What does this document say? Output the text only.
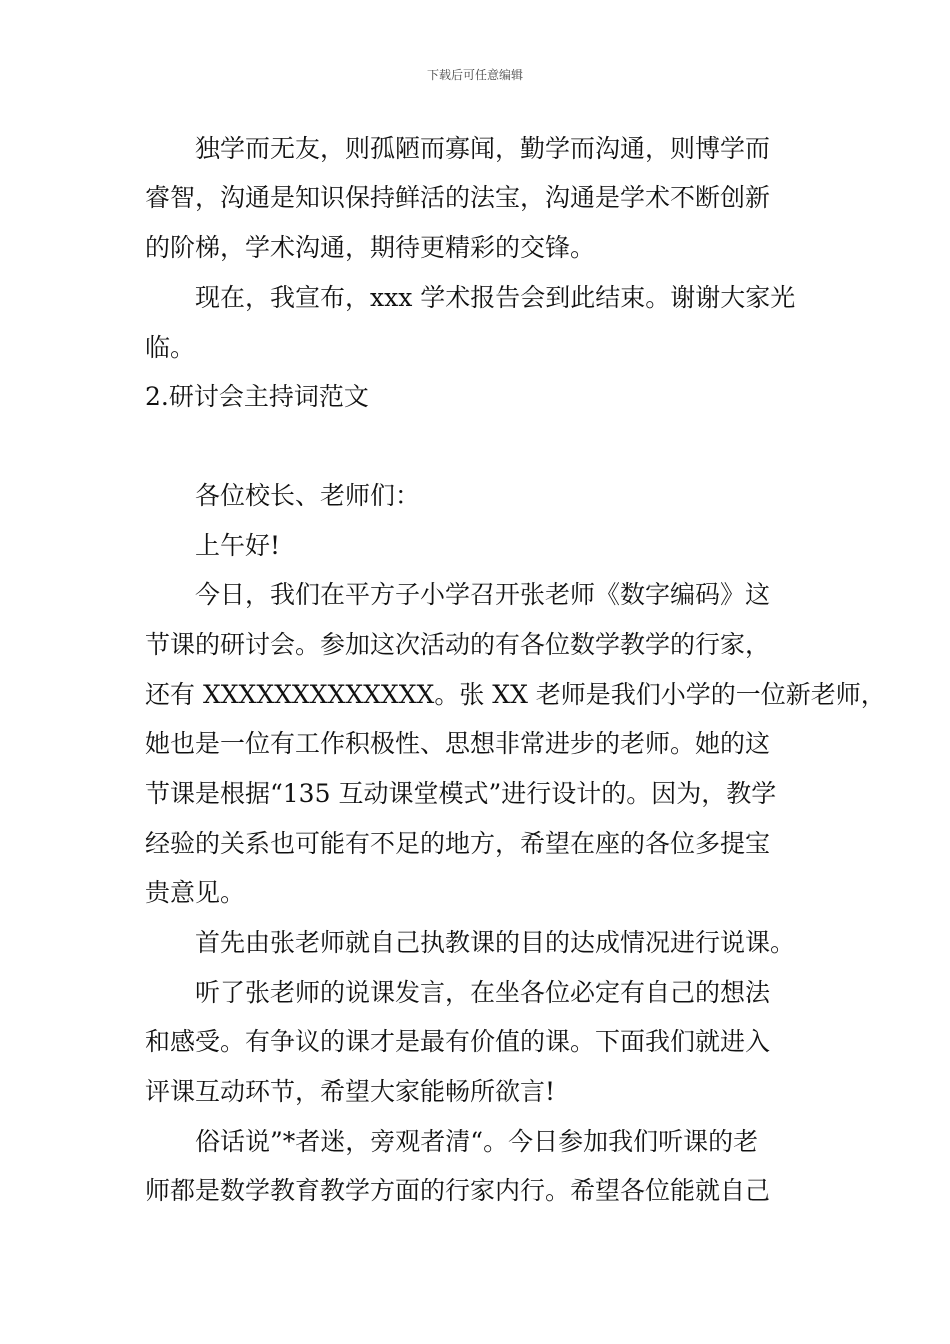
下载后可任意编辑
　　独学而无友，则孤陋而寡闻，勤学而沟通，则博学而
睿智，沟通是知识保持鲜活的法宝，沟通是学术不断创新
的阶梯，学术沟通，期待更精彩的交锋。
　　现在，我宣布，xxx 学术报告会到此结束。谢谢大家光
临。
2.研讨会主持词范文
　　各位校长、老师们：
　　上午好!
　　今日，我们在平方子小学召开张老师《数字编码》这
节课的研讨会。参加这次活动的有各位数学教学的行家，
还有 XXXXXXXXXXXXX。张 XX 老师是我们小学的一位新老师，
她也是一位有工作积极性、思想非常进步的老师。她的这
节课是根据“135 互动课堂模式”进行设计的。因为，教学
经验的关系也可能有不足的地方，希望在座的各位多提宝
贵意见。
　　首先由张老师就自己执教课的目的达成情况进行说课。
　　听了张老师的说课发言，在坐各位必定有自己的想法
和感受。有争议的课才是最有价值的课。下面我们就进入
评课互动环节，希望大家能畅所欲言!
　　俗话说”*者迷，旁观者清“。今日参加我们听课的老
师都是数学教育教学方面的行家内行。希望各位能就自己
